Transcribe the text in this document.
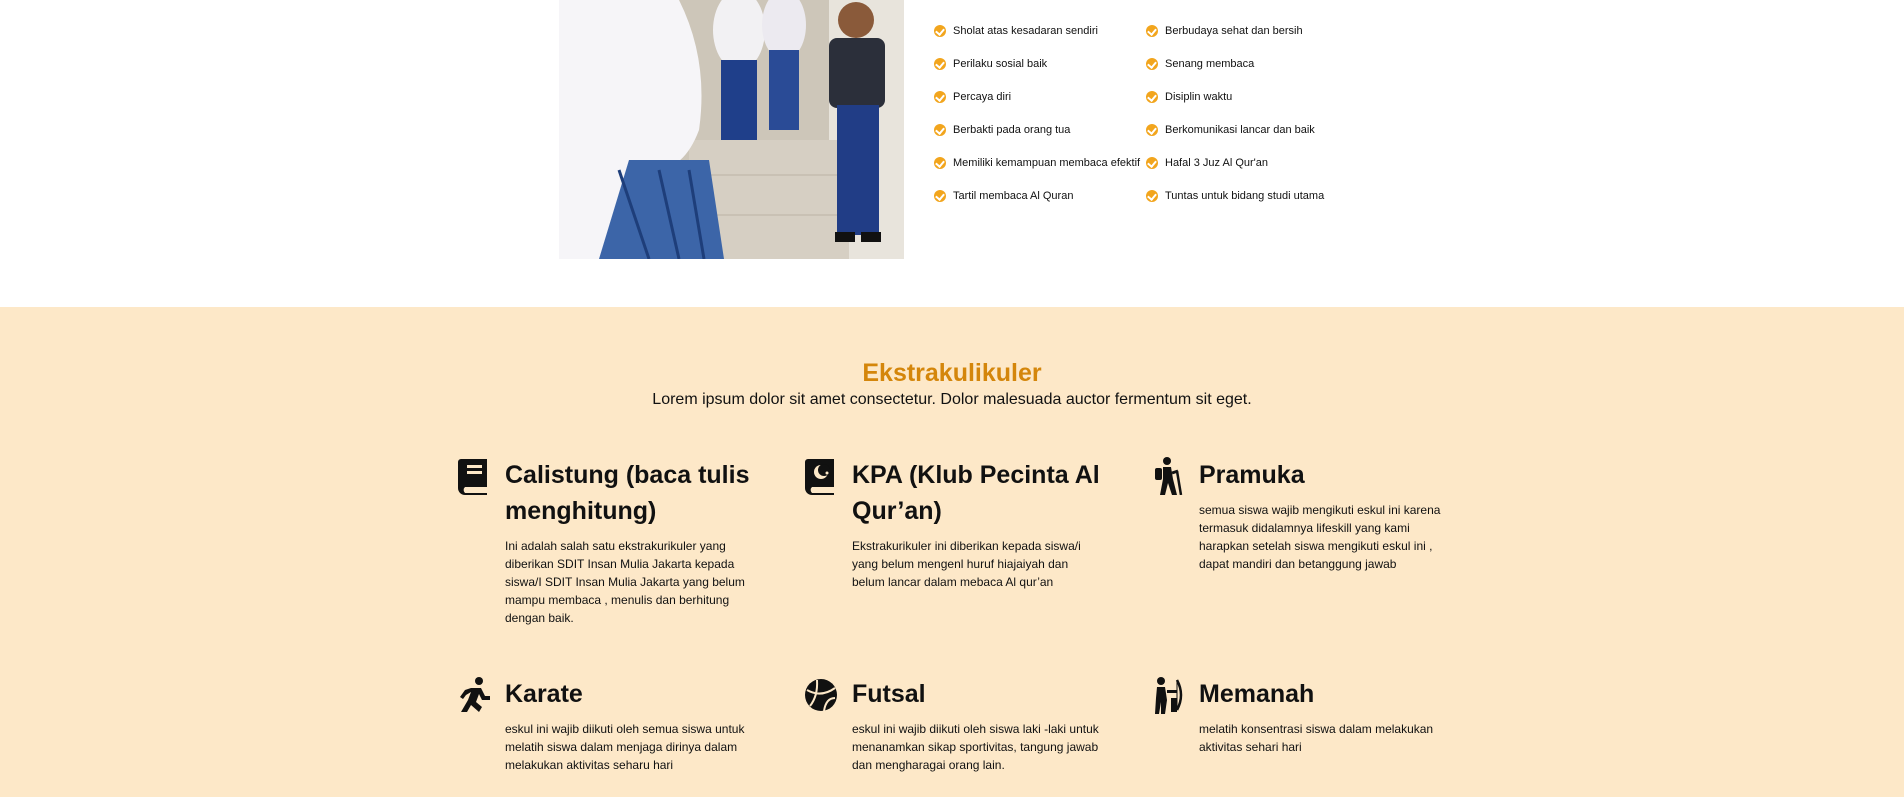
Sholat atas kesadaran sendiri
Perilaku sosial baik
Percaya diri
Berbakti pada orang tua
Memiliki kemampuan membaca efektif
Tartil membaca Al Quran
Berbudaya sehat dan bersih
Senang membaca
Disiplin waktu
Berkomunikasi lancar dan baik
Hafal 3 Juz Al Qur'an
Tuntas untuk bidang studi utama
Ekstrakulikuler

Lorem ipsum dolor sit amet consectetur. Dolor malesuada auctor fermentum sit eget.

Calistung (baca tulis menghitung)

Ini adalah salah satu ekstrakurikuler yang diberikan SDIT Insan Mulia Jakarta kepada siswa/I SDIT Insan Mulia Jakarta yang belum mampu membaca , menulis dan berhitung dengan baik.

KPA (Klub Pecinta Al Qur’an)

Ekstrakurikuler ini diberikan kepada siswa/i yang belum mengenl huruf hiajaiyah dan belum lancar dalam mebaca Al qur’an

Pramuka

semua siswa wajib mengikuti eskul ini karena termasuk didalamnya lifeskill yang kami harapkan setelah siswa mengikuti eskul ini , dapat mandiri dan betanggung jawab

Karate

eskul ini wajib diikuti oleh semua siswa untuk melatih siswa dalam menjaga dirinya dalam melakukan aktivitas seharu hari

Futsal

eskul ini wajib diikuti oleh siswa laki -laki untuk menanamkan sikap sportivitas, tangung jawab dan mengharagai orang lain.

Memanah

melatih konsentrasi siswa dalam melakukan aktivitas sehari hari
